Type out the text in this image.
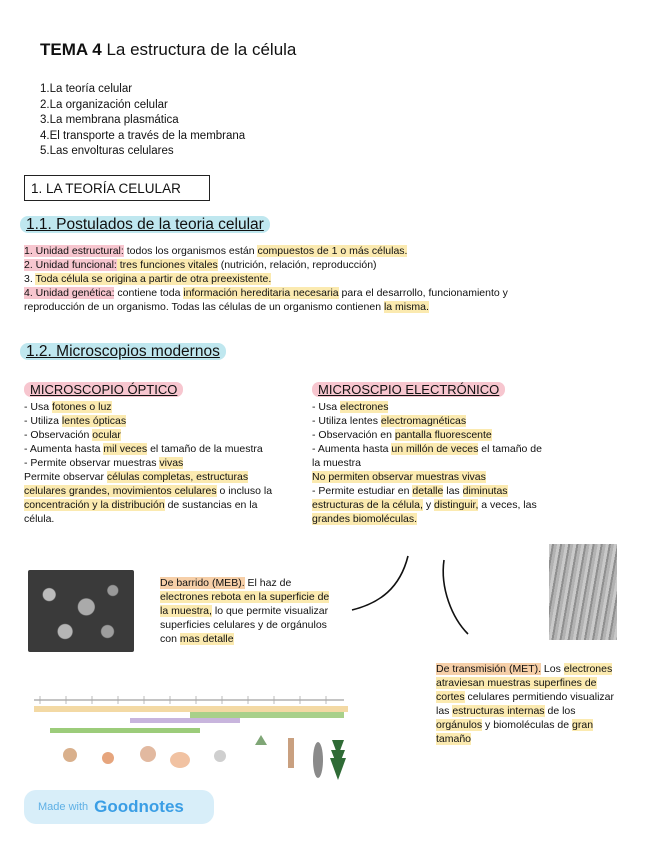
TEMA 4 La estructura de la célula
1.La teoría celular
2.La organización celular
3.La membrana plasmática
4.El transporte a través de la membrana
5.Las envolturas celulares
1. LA TEORÍA CELULAR
1.1. Postulados de la teoria celular
1. Unidad estructural: todos los organismos están compuestos de 1 o más células.
2. Unidad funcional: tres funciones vitales (nutrición, relación, reproducción)
3. Toda célula se origina a partir de otra preexistente.
4. Unidad genética: contiene toda información hereditaria necesaria para el desarrollo, funcionamiento y reproducción de un organismo. Todas las células de un organismo contienen la misma.
1.2. Microscopios modernos
MICROSCOPIO ÓPTICO
- Usa fotones o luz
- Utiliza lentes ópticas
- Observación ocular
- Aumenta hasta mil veces el tamaño de la muestra
- Permite observar muestras vivas
Permite observar células completas, estructuras celulares grandes, movimientos celulares o incluso la concentración y la distribución de sustancias en la célula.
MICROSCPIO ELECTRÓNICO
- Usa electrones
- Utiliza lentes electromagnéticas
- Observación en pantalla fluorescente
- Aumenta hasta un millón de veces el tamaño de la muestra
No permiten observar muestras vivas
- Permite estudiar en detalle las diminutas estructuras de la célula, y distinguir, a veces, las grandes biomoléculas.
De barrido (MEB). El haz de electrones rebota en la superficie de la muestra, lo que permite visualizar superficies celulares y de orgánulos con mas detalle
De transmisión (MET). Los electrones atraviesan muestras superfines de cortes celulares permitiendo visualizar las estructuras internas de los orgánulos y biomoléculas de gran tamaño
Made with Goodnotes
